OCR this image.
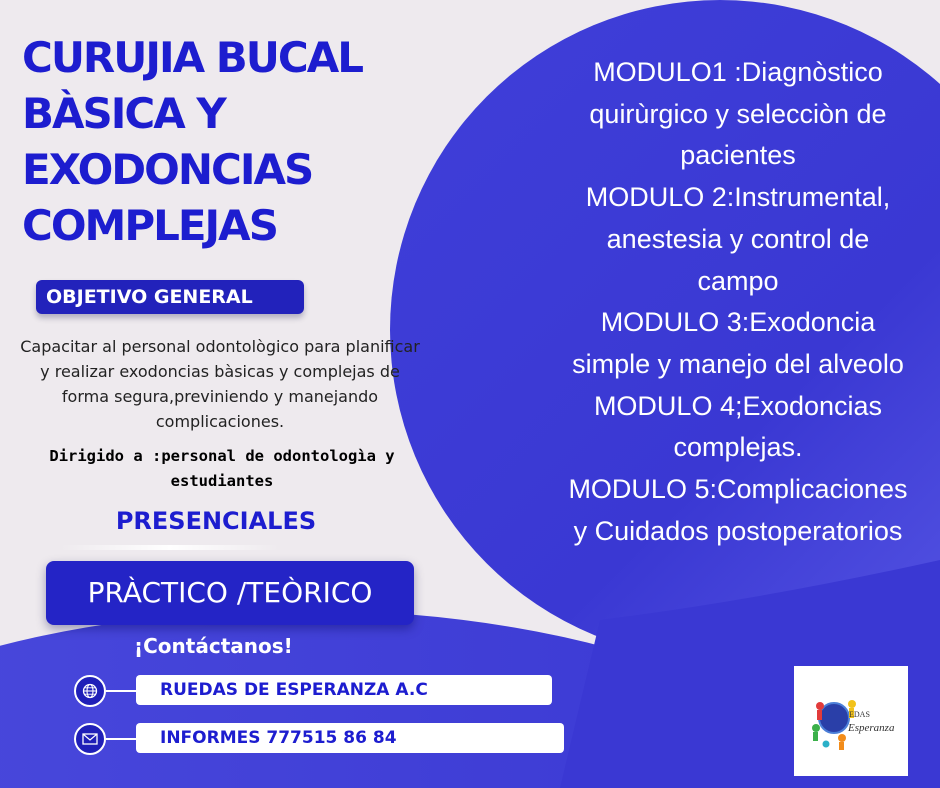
CURUJIA BUCAL
BÀSICA Y
EXODONCIAS
COMPLEJAS
OBJETIVO GENERAL
Capacitar al personal odontològico para planificar y realizar exodoncias bàsicas y complejas de forma segura,previniendo y manejando complicaciones.
Dirigido a :personal de odontologìa y estudiantes
PRESENCIALES
PRÀCTICO /TEÒRICO
¡Contáctanos!
RUEDAS DE ESPERANZA A.C
INFORMES 777515 86 84
MODULO1 :Diagnòstico
quirùrgico y selecciòn de
pacientes
MODULO 2:Instrumental,
anestesia y control de
campo
MODULO 3:Exodoncia
simple y manejo del alveolo
MODULO 4;Exodoncias
complejas.
MODULO 5:Complicaciones
y Cuidados postoperatorios
EDAS
Esperanza
